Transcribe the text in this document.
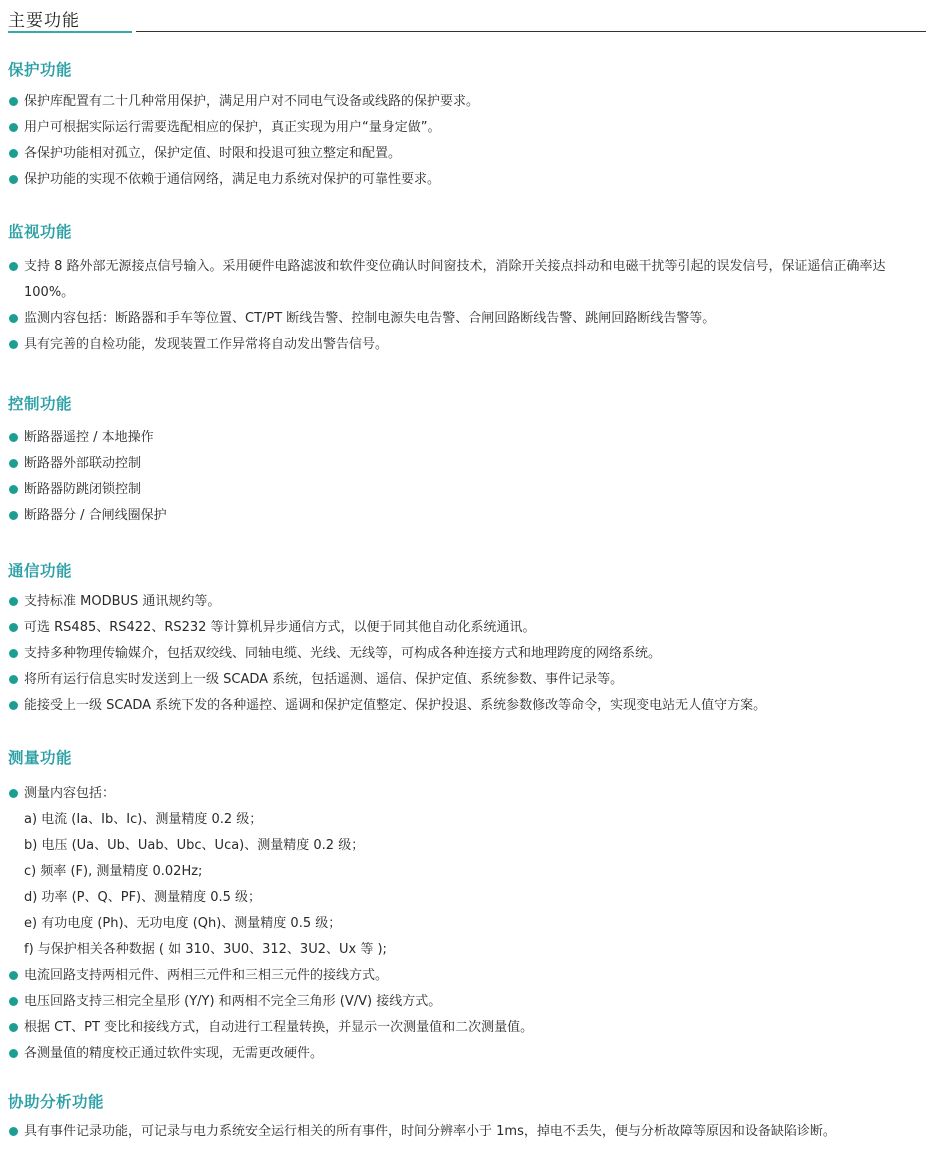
主要功能
保护功能
保护库配置有二十几种常用保护，满足用户对不同电气设备或线路的保护要求。
用户可根据实际运行需要选配相应的保护，真正实现为用户“量身定做”。
各保护功能相对孤立，保护定值、时限和投退可独立整定和配置。
保护功能的实现不依赖于通信网络，满足电力系统对保护的可靠性要求。
监视功能
支持 8 路外部无源接点信号输入。采用硬件电路滤波和软件变位确认时间窗技术，消除开关接点抖动和电磁干扰等引起的误发信号，保证遥信正确率达 100%。
监测内容包括：断路器和手车等位置、CT/PT 断线告警、控制电源失电告警、合闸回路断线告警、跳闸回路断线告警等。
具有完善的自检功能，发现装置工作异常将自动发出警告信号。
控制功能
断路器遥控 / 本地操作
断路器外部联动控制
断路器防跳闭锁控制
断路器分 / 合闸线圈保护
通信功能
支持标准 MODBUS 通讯规约等。
可选 RS485、RS422、RS232 等计算机异步通信方式，以便于同其他自动化系统通讯。
支持多种物理传输媒介，包括双绞线、同轴电缆、光线、无线等，可构成各种连接方式和地理跨度的网络系统。
将所有运行信息实时发送到上一级 SCADA 系统，包括遥测、遥信、保护定值、系统参数、事件记录等。
能接受上一级 SCADA 系统下发的各种遥控、遥调和保护定值整定、保护投退、系统参数修改等命令，实现变电站无人值守方案。
测量功能
测量内容包括：
a) 电流 (Ia、Ib、Ic)、测量精度 0.2 级；
b) 电压 (Ua、Ub、Uab、Ubc、Uca)、测量精度 0.2 级；
c) 频率 (F), 测量精度 0.02Hz;
d) 功率 (P、Q、PF)、测量精度 0.5 级；
e) 有功电度 (Ph)、无功电度 (Qh)、测量精度 0.5 级；
f) 与保护相关各种数据 ( 如 310、3U0、312、3U2、Ux 等 );
电流回路支持两相元件、两相三元件和三相三元件的接线方式。
电压回路支持三相完全星形 (Y/Y) 和两相不完全三角形 (V/V) 接线方式。
根据 CT、PT 变比和接线方式，自动进行工程量转换，并显示一次测量值和二次测量值。
各测量值的精度校正通过软件实现，无需更改硬件。
协助分析功能
具有事件记录功能，可记录与电力系统安全运行相关的所有事件，时间分辨率小于 1ms，掉电不丢失，便与分析故障等原因和设备缺陷诊断。
